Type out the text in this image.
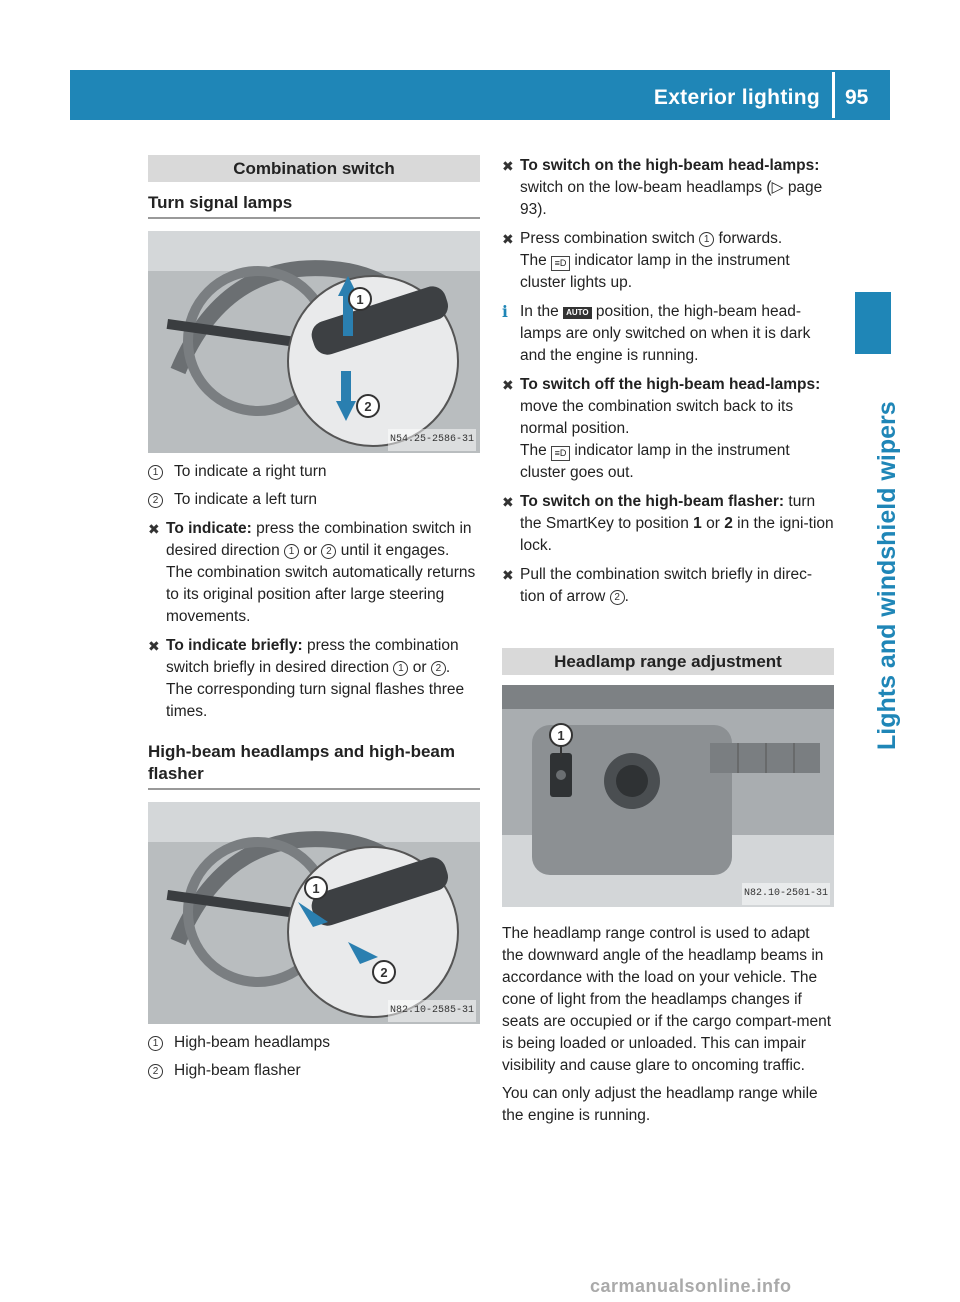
Exterior lighting 95
Lights and windshield wipers
Combination switch
Turn signal lamps
1
2
N54.25-2586-31
1	To indicate a right turn
2	To indicate a left turn
✖ To indicate: press the combination switch in desired direction 1 or 2 until it engages.
The combination switch automatically returns to its original position after large steering movements.
✖ To indicate briefly: press the combination switch briefly in desired direction 1 or 2 .
The corresponding turn signal flashes three times.
High-beam headlamps and high-beam flasher
1
2
N82.10-2585-31
1	High-beam headlamps
2	High-beam flasher
✖ To switch on the high-beam head-lamps: switch on the low-beam headlamps (▷ page 93).
✖ Press combination switch 1 forwards.
The ≡D indicator lamp in the instrument cluster lights up.
i In the AUTO position, the high-beam head-lamps are only switched on when it is dark and the engine is running.
✖ To switch off the high-beam head-lamps: move the combination switch back to its normal position.
The ≡D indicator lamp in the instrument cluster goes out.
✖ To switch on the high-beam flasher: turn the SmartKey to position 1 or 2 in the igni-tion lock.
✖ Pull the combination switch briefly in direc-tion of arrow 2 .
Headlamp range adjustment
1
N82.10-2501-31

The headlamp range control is used to adapt the downward angle of the headlamp beams in accordance with the load on your vehicle. The cone of light from the headlamps changes if seats are occupied or if the cargo compart-ment is being loaded or unloaded. This can impair visibility and cause glare to oncoming traffic.

You can only adjust the headlamp range while the engine is running.

carmanualsonline.info
